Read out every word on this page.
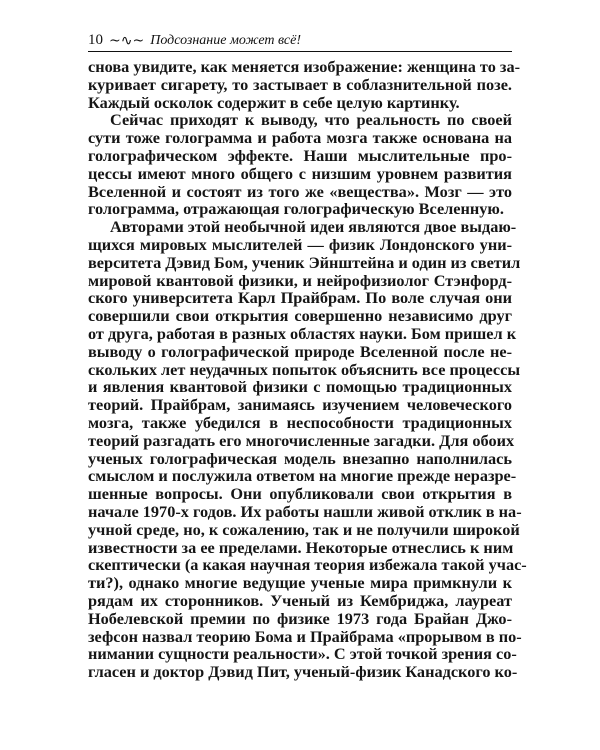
10 ~∿~ Подсознание может всё!
снова увидите, как меняется изображение: женщина то за-
куривает сигарету, то застывает в соблазнительной позе.
Каждый осколок содержит в себе целую картинку.
Сейчас приходят к выводу, что реальность по своей
сути тоже голограмма и работа мозга также основана на
голографическом эффекте. Наши мыслительные про-
цессы имеют много общего с низшим уровнем развития
Вселенной и состоят из того же «вещества». Мозг — это
голограмма, отражающая голографическую Вселенную.
Авторами этой необычной идеи являются двое выдаю-
щихся мировых мыслителей — физик Лондонского уни-
верситета Дэвид Бом, ученик Эйнштейна и один из светил
мировой квантовой физики, и нейрофизиолог Стэнфорд-
ского университета Карл Прайбрам. По воле случая они
совершили свои открытия совершенно независимо друг
от друга, работая в разных областях науки. Бом пришел к
выводу о голографической природе Вселенной после не-
скольких лет неудачных попыток объяснить все процессы
и явления квантовой физики с помощью традиционных
теорий. Прайбрам, занимаясь изучением человеческого
мозга, также убедился в неспособности традиционных
теорий разгадать его многочисленные загадки. Для обоих
ученых голографическая модель внезапно наполнилась
смыслом и послужила ответом на многие прежде неразре-
шенные вопросы. Они опубликовали свои открытия в
начале 1970-х годов. Их работы нашли живой отклик в на-
учной среде, но, к сожалению, так и не получили широкой
известности за ее пределами. Некоторые отнеслись к ним
скептически (а какая научная теория избежала такой учас-
ти?), однако многие ведущие ученые мира примкнули к
рядам их сторонников. Ученый из Кембриджа, лауреат
Нобелевской премии по физике 1973 года Брайан Джо-
зефсон назвал теорию Бома и Прайбрама «прорывом в по-
нимании сущности реальности». С этой точкой зрения со-
гласен и доктор Дэвид Пит, ученый-физик Канадского ко-
